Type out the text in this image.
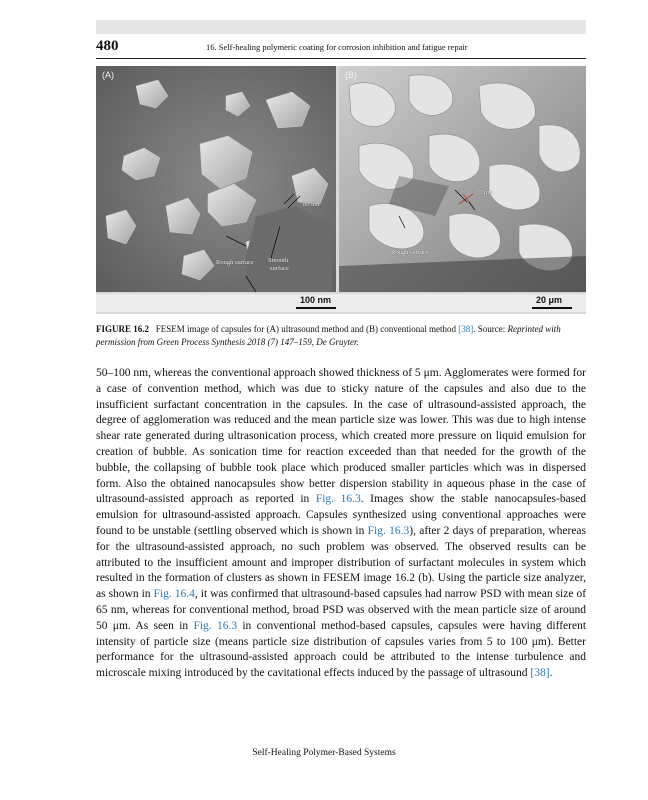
480	16. Self-healing polymeric coating for corrosion inhibition and fatigue repair
(A)
80 nm
Rough surface Smooth
surface
(B)
5 μm
Rough surface
100 nm	20 μm
FIGURE 16.2 FESEM image of capsules for (A) ultrasound method and (B) conventional method [38]. Source: Reprinted with permission from Green Process Synthesis 2018 (7) 147–159, De Gruyter.
50–100 nm, whereas the conventional approach showed thickness of 5 μm. Agglomerates were formed for a case of convention method, which was due to sticky nature of the capsules and also due to the insufficient surfactant concentration in the capsules. In the case of ultrasound-assisted approach, the degree of agglomeration was reduced and the mean particle size was lower. This was due to high intense shear rate generated during ultrasonication process, which created more pressure on liquid emulsion for creation of bubble. As sonication time for reaction exceeded than that needed for the growth of the bubble, the collapsing of bubble took place which produced smaller particles which was in dispersed form. Also the obtained nanocapsules show better dispersion stability in aqueous phase in the case of ultrasound-assisted approach as reported in Fig. 16.3. Images show the stable nanocapsules-based emulsion for ultrasound-assisted approach. Capsules synthesized using conventional approaches were found to be unstable (settling observed which is shown in Fig. 16.3), after 2 days of preparation, whereas for the ultrasound-assisted approach, no such problem was observed. The observed results can be attributed to the insufficient amount and improper distribution of surfactant molecules in system which resulted in the formation of clusters as shown in FESEM image 16.2 (b). Using the particle size analyzer, as shown in Fig. 16.4, it was confirmed that ultrasound-based capsules had narrow PSD with mean size of 65 nm, whereas for conventional method, broad PSD was observed with the mean particle size of around 50 μm. As seen in Fig. 16.3 in conventional method-based capsules, capsules were having different intensity of particle size (means particle size distribution of capsules varies from 5 to 100 μm). Better performance for the ultrasound-assisted approach could be attributed to the intense turbulence and microscale mixing introduced by the cavitational effects induced by the passage of ultrasound [38].
Self-Healing Polymer-Based Systems
